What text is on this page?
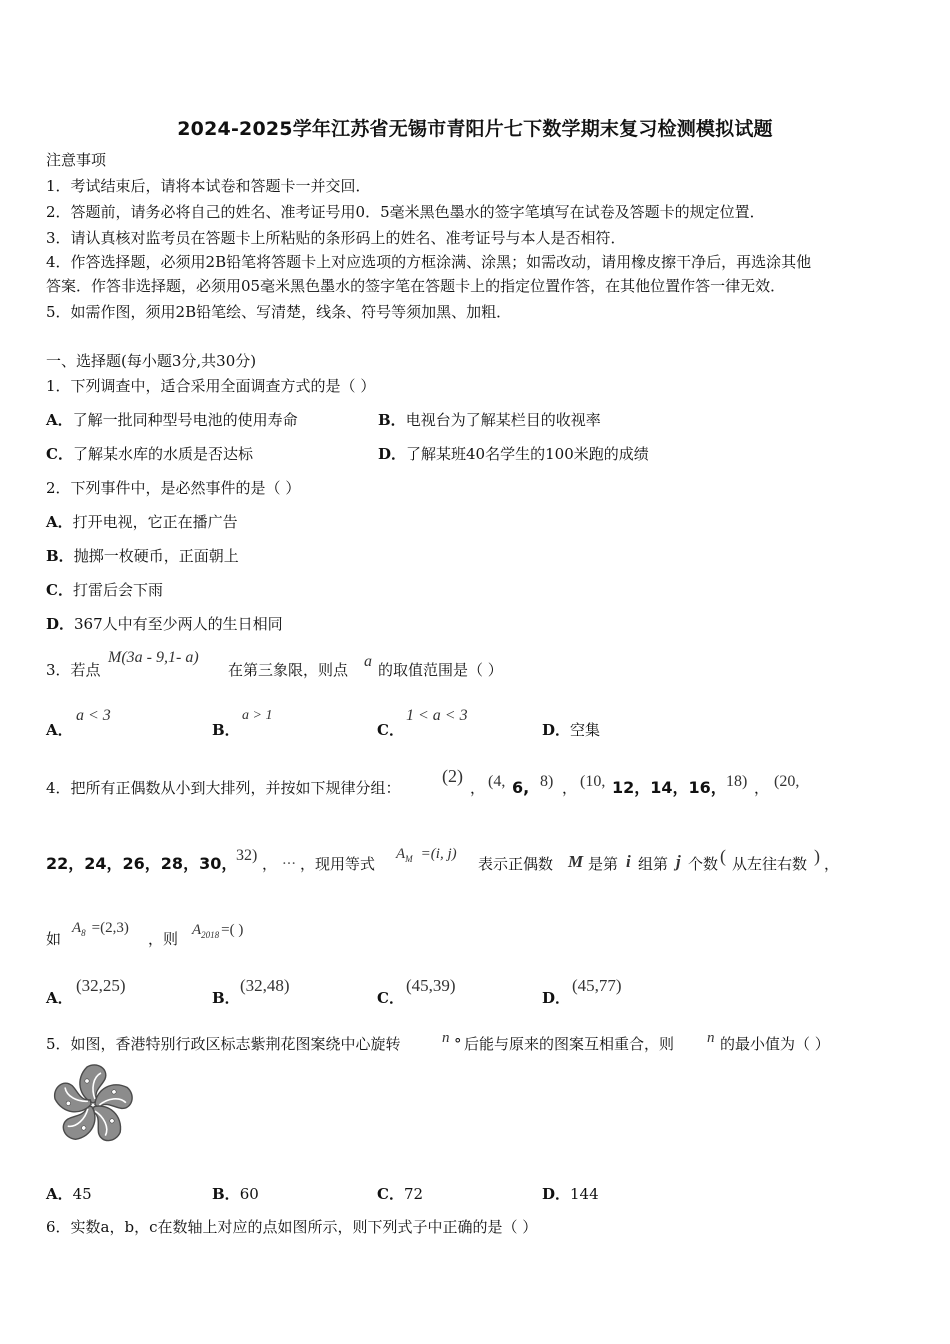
2024-2025学年江苏省无锡市青阳片七下数学期末复习检测模拟试题
注意事项
1．考试结束后，请将本试卷和答题卡一并交回．
2．答题前，请务必将自己的姓名、准考证号用0．5毫米黑色墨水的签字笔填写在试卷及答题卡的规定位置．
3．请认真核对监考员在答题卡上所粘贴的条形码上的姓名、准考证号与本人是否相符．
4．作答选择题，必须用2B铅笔将答题卡上对应选项的方框涂满、涂黑；如需改动，请用橡皮擦干净后，再选涂其他
答案．作答非选择题，必须用05毫米黑色墨水的签字笔在答题卡上的指定位置作答，在其他位置作答一律无效．
5．如需作图，须用2B铅笔绘、写清楚，线条、符号等须加黑、加粗．
一、选择题(每小题3分,共30分)
1．下列调查中，适合采用全面调查方式的是（ ）
A．了解一批同种型号电池的使用寿命	B．电视台为了解某栏目的收视率
C．了解某水库的水质是否达标	D．了解某班40名学生的100米跑的成绩
2．下列事件中，是必然事件的是（ ）
A．打开电视，它正在播广告
B．抛掷一枚硬币，正面朝上
C．打雷后会下雨
D．367人中有至少两人的生日相同
3．若点
M(3a - 9,1- a)
在第三象限，则点 a 的取值范围是（ ）
A．
a < 3
B．
a > 1
C．
1 < a < 3
D．空集
4．把所有正偶数从小到大排列，并按如下规律分组：
(2)
， (4, 6, 8) ， (10, 12，14，16， 18) ， (20,
22，24，26，28，30，
32) ， … ，现用等式
$A_M =(i$, j)
表示正偶数 M 是第 i 组第 j 个数 ( 从左往右数 ) ，
如
$A_8 =(2,3)$
，则 $A_{2018}$ =( )
A．
(32,25)
B．
(32,48)
C．
(45,39)
D．
(45,77)
5．如图，香港特别行政区标志紫荆花图案绕中心旋转	n ° 后能与原来的图案互相重合，则 n 的最小值为（ ）
A．45	B．60	C．72	D．144
6．实数a，b，c在数轴上对应的点如图所示，则下列式子中正确的是（ ）
